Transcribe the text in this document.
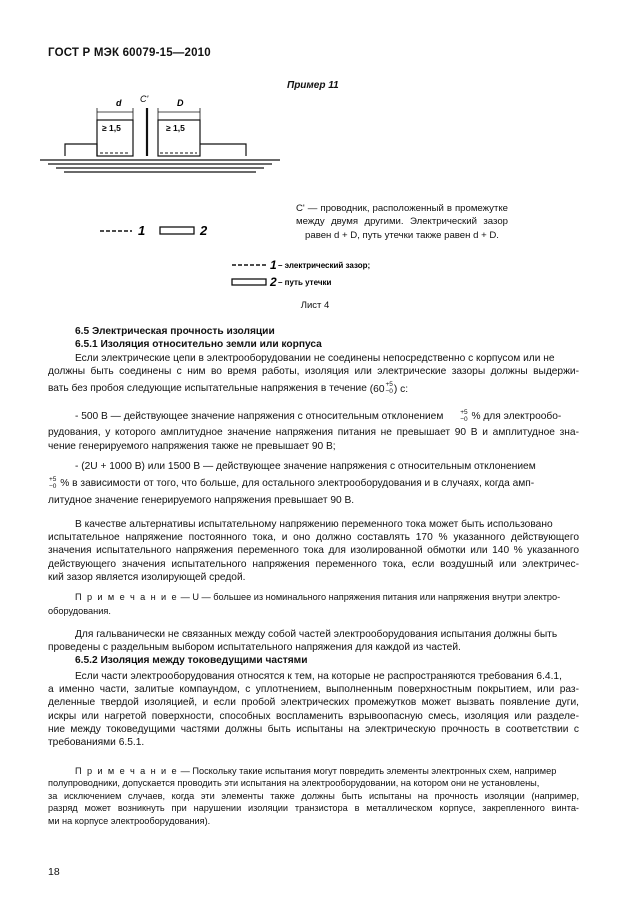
ГОСТ Р МЭК 60079-15—2010
Пример 11
d	D
C'
≥ 1,5	≥ 1,5
1	2
C' — проводник, расположенный в промежутке
между двумя другими. Электрический зазор
равен d + D, путь утечки также равен d + D.
1 – электрический зазор;
2 – путь утечки
Лист 4
6.5 Электрическая прочность изоляции
6.5.1 Изоляция относительно земли или корпуса
Если электрические цепи в электрооборудовании не соединены непосредственно с корпусом или не
должны быть соединены с ним во время работы, изоляция или электрические зазоры должны выдержи-
вать без пробоя следующие испытательные напряжения в течение (60+5
−0) с:
- 500 В — действующее значение напряжения с относительным отклонением	+5
−0 % для электрообо-
рудования, у которого амплитудное значение напряжения питания не превышает 90 В и амплитудное зна-
чение генерируемого напряжения также не превышает 90 В;
- (2U + 1000 В) или 1500 В — действующее значение напряжения с относительным отклонением
+5
−0 % в зависимости от того, что больше, для остального электрооборудования и в случаях, когда амп-
литудное значение генерируемого напряжения превышает 90 В.
В качестве альтернативы испытательному напряжению переменного тока может быть использовано
испытательное напряжение постоянного тока, и оно должно составлять 170 % указанного действующего
значения испытательного напряжения переменного тока для изолированной обмотки или 140 % указанного
действующего значения испытательного напряжения переменного тока, если воздушный или электричес-
кий зазор является изолирующей средой.
П р и м е ч а н и е — U — большее из номинального напряжения питания или напряжения внутри электро-
оборудования.
Для гальванически не связанных между собой частей электрооборудования испытания должны быть
проведены с раздельным выбором испытательного напряжения для каждой из частей.
6.5.2 Изоляция между токоведущими частями
Если части электрооборудования относятся к тем, на которые не распространяются требования 6.4.1,
а именно части, залитые компаундом, с уплотнением, выполненным поверхностным покрытием, или раз-
деленные твердой изоляцией, и если пробой электрических промежутков может вызвать появление дуги,
искры или нагретой поверхности, способных воспламенить взрывоопасную смесь, изоляция или разделе-
ние между токоведущими частями должны быть испытаны на электрическую прочность в соответствии с
требованиями 6.5.1.
П р и м е ч а н и е — Поскольку такие испытания могут повредить элементы электронных схем, например
полупроводники, допускается проводить эти испытания на электрооборудовании, на котором они не установлены,
за исключением случаев, когда эти элементы также должны быть испытаны на прочность изоляции (например,
разряд может возникнуть при нарушении изоляции транзистора в металлическом корпусе, закрепленного винта-
ми на корпусе электрооборудования).
18
